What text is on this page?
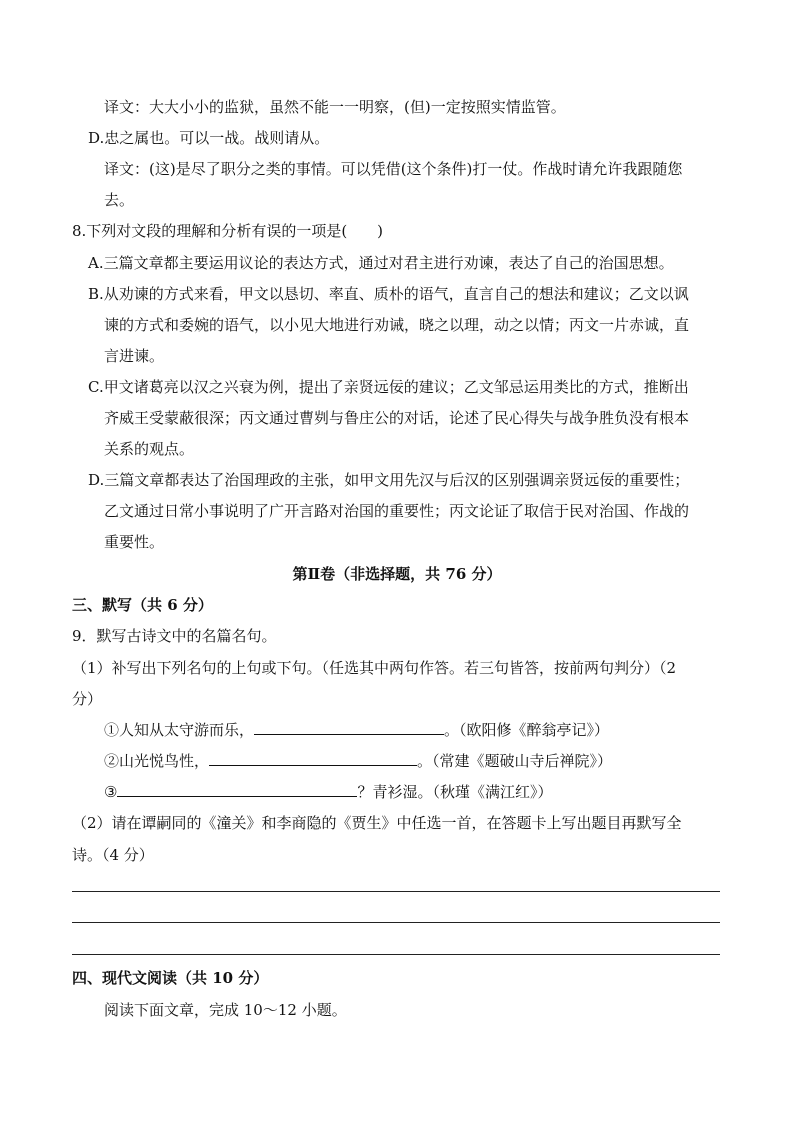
译文：大大小小的监狱，虽然不能一一明察，(但)一定按照实情监管。
D.忠之属也。可以一战。战则请从。
译文：(这)是尽了职分之类的事情。可以凭借(这个条件)打一仗。作战时请允许我跟随您
去。
8.下列对文段的理解和分析有误的一项是(　　)
A.三篇文章都主要运用议论的表达方式，通过对君主进行劝谏，表达了自己的治国思想。
B.从劝谏的方式来看，甲文以恳切、率直、质朴的语气，直言自己的想法和建议；乙文以讽
谏的方式和委婉的语气，以小见大地进行劝诫，晓之以理，动之以情；丙文一片赤诚，直
言进谏。
C.甲文诸葛亮以汉之兴衰为例，提出了亲贤远佞的建议；乙文邹忌运用类比的方式，推断出
齐威王受蒙蔽很深；丙文通过曹刿与鲁庄公的对话，论述了民心得失与战争胜负没有根本
关系的观点。
D.三篇文章都表达了治国理政的主张，如甲文用先汉与后汉的区别强调亲贤远佞的重要性；
乙文通过日常小事说明了广开言路对治国的重要性；丙文论证了取信于民对治国、作战的
重要性。
第Ⅱ卷（非选择题，共 76 分）
三、默写（共 6 分）
9．默写古诗文中的名篇名句。
（1）补写出下列名句的上句或下句。（任选其中两句作答。若三句皆答，按前两句判分）（2
分）
①人知从太守游而乐，	。（欧阳修《醉翁亭记》）
②山光悦鸟性，	。（常建《题破山寺后禅院》）
③	？青衫湿。（秋瑾《满江红》）
（2）请在谭嗣同的《潼关》和李商隐的《贾生》中任选一首，在答题卡上写出题目再默写全
诗。（4 分）
四、现代文阅读（共 10 分）
阅读下面文章，完成 10～12 小题。
